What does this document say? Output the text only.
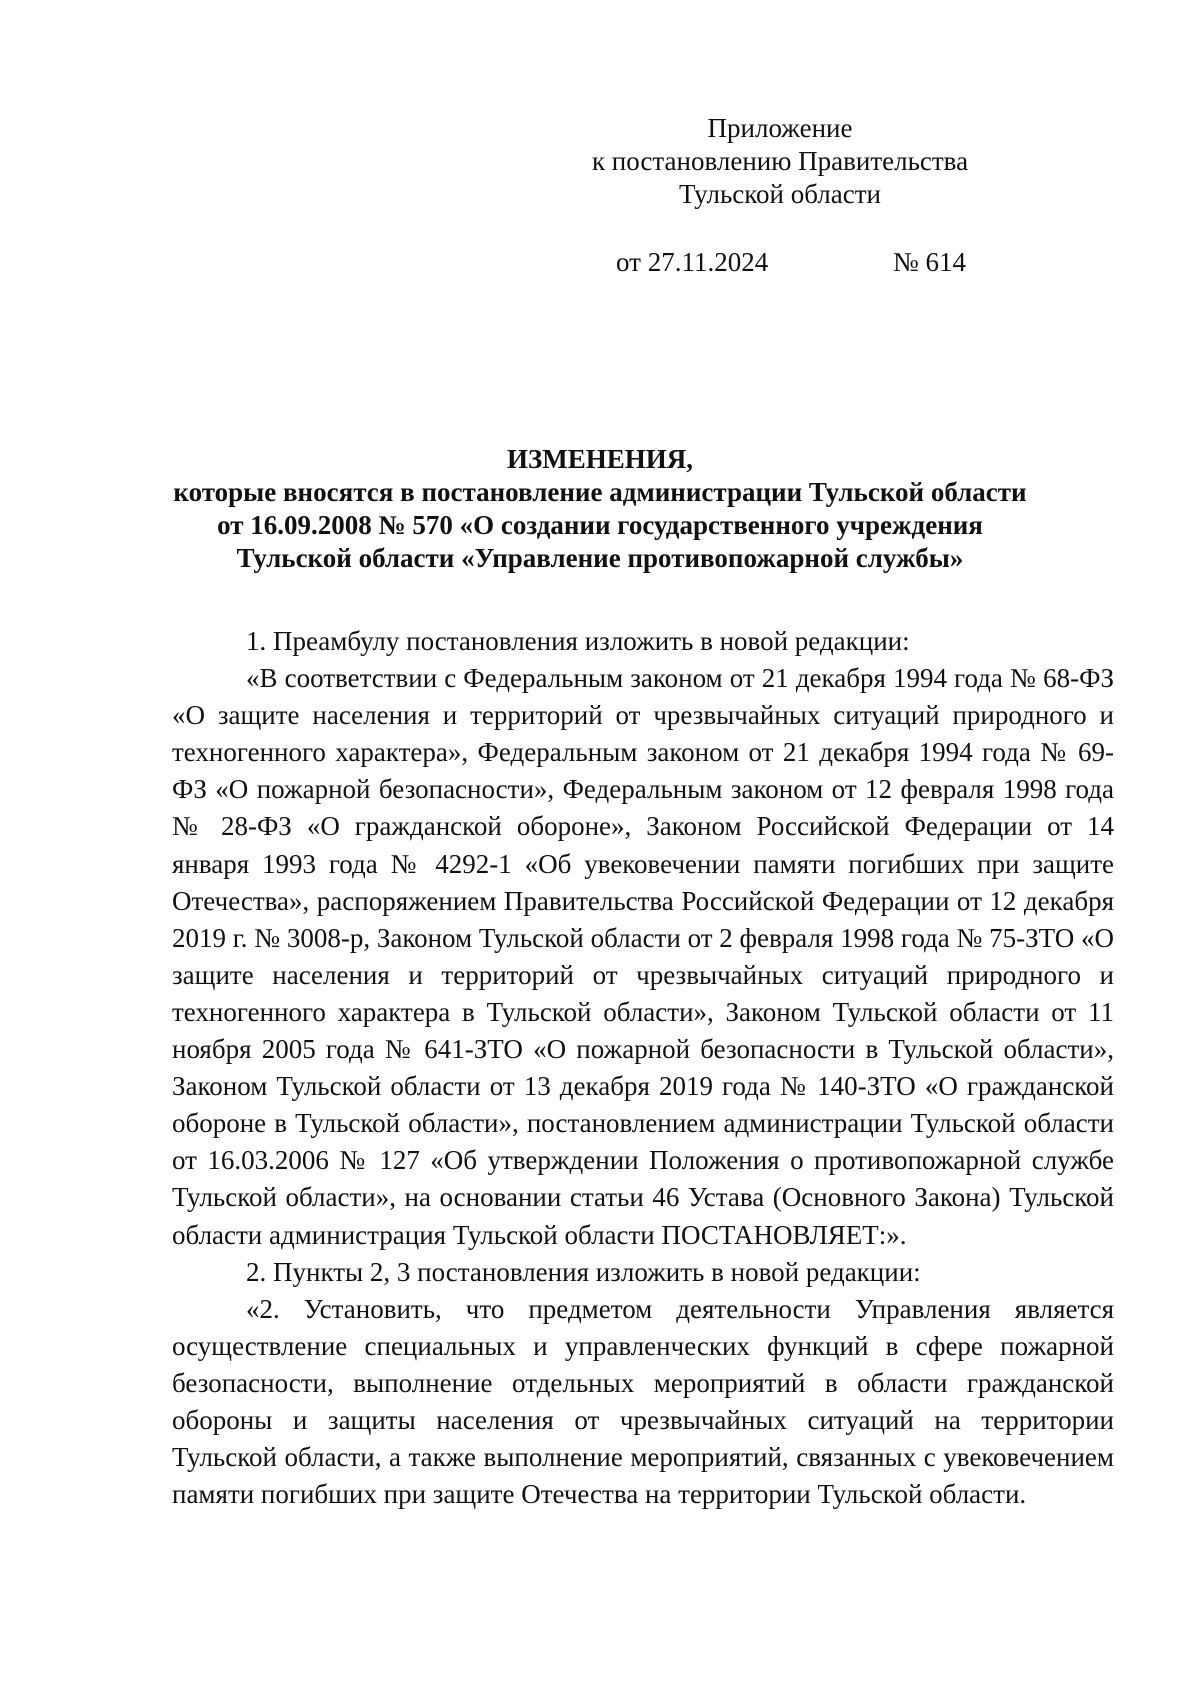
Приложение
к постановлению Правительства
Тульской области
от 27.11.2024	№ 614
ИЗМЕНЕНИЯ,
которые вносятся в постановление администрации Тульской области
от 16.09.2008 № 570 «О создании государственного учреждения
Тульской области «Управление противопожарной службы»

1. Преамбулу постановления изложить в новой редакции:

«В соответствии с Федеральным законом от 21 декабря 1994 года № 68-ФЗ «О защите населения и территорий от чрезвычайных ситуаций природного и техногенного характера», Федеральным законом от 21 декабря 1994 года № 69-ФЗ «О пожарной безопасности», Федеральным законом от 12 февраля 1998 года № 28-ФЗ «О гражданской обороне», Законом Российской Федерации от 14 января 1993 года № 4292-1 «Об увековечении памяти погибших при защите Отечества», распоряжением Правительства Российской Федерации от 12 декабря 2019 г. № 3008-р, Законом Тульской области от 2 февраля 1998 года № 75-ЗТО «О защите населения и территорий от чрезвычайных ситуаций природного и техногенного характера в Тульской области», Законом Тульской области от 11 ноября 2005 года № 641-ЗТО «О пожарной безопасности в Тульской области», Законом Тульской области от 13 декабря 2019 года № 140-ЗТО «О гражданской обороне в Тульской области», постановлением администрации Тульской области от 16.03.2006 № 127 «Об утверждении Положения о противопожарной службе Тульской области», на основании статьи 46 Устава (Основного Закона) Тульской области администрация Тульской области ПОСТАНОВЛЯЕТ:».

2. Пункты 2, 3 постановления изложить в новой редакции:

«2. Установить, что предметом деятельности Управления является осуществление специальных и управленческих функций в сфере пожарной безопасности, выполнение отдельных мероприятий в области гражданской обороны и защиты населения от чрезвычайных ситуаций на территории Тульской области, а также выполнение мероприятий, связанных с увековечением памяти погибших при защите Отечества на территории Тульской области.
